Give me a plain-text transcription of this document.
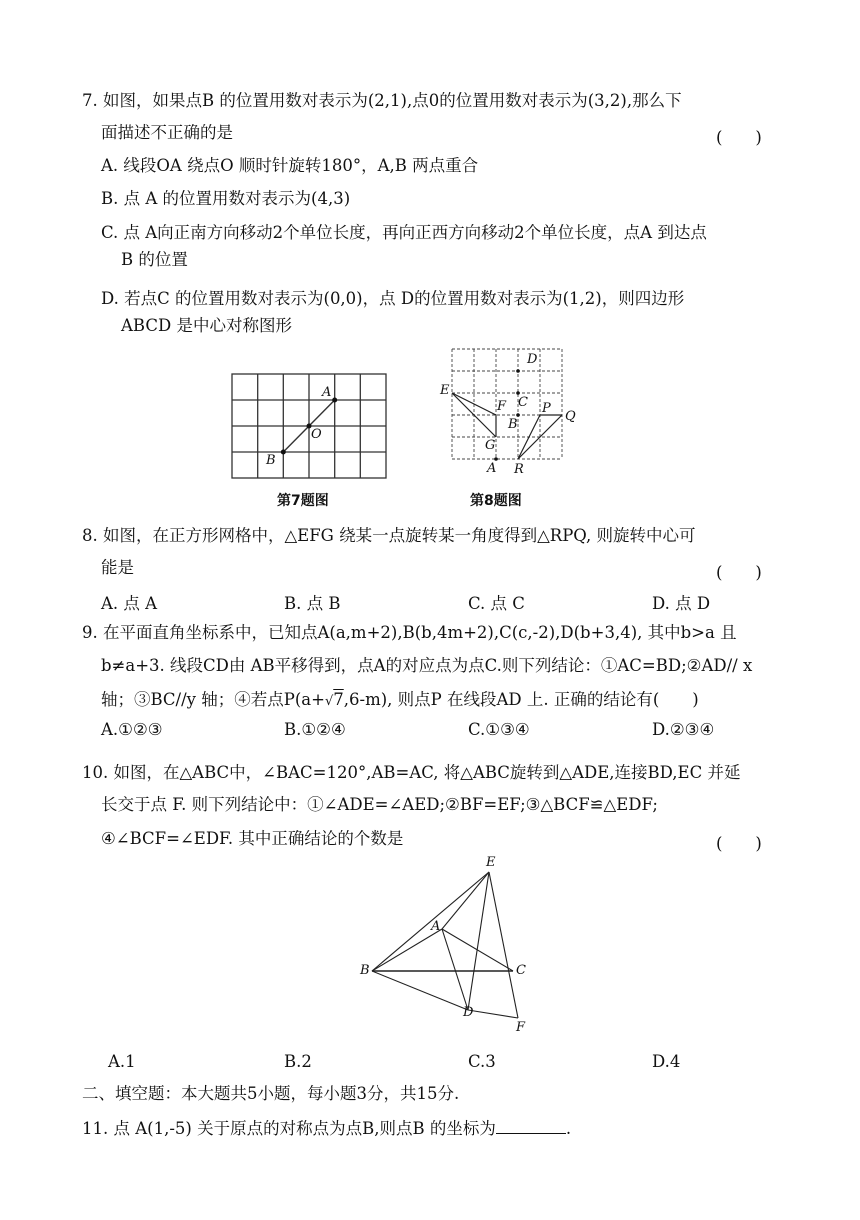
7. 如图，如果点B 的位置用数对表示为(2,1),点0的位置用数对表示为(3,2),那么下
面描述不正确的是	(　　)
A. 线段OA 绕点O 顺时针旋转180°，A,B 两点重合
B. 点 A 的位置用数对表示为(4,3)
C. 点 A向正南方向移动2个单位长度，再向正西方向移动2个单位长度，点A 到达点
B 的位置
D. 若点C 的位置用数对表示为(0,0)，点 D的位置用数对表示为(1,2)，则四边形
ABCD 是中心对称图形
A
O
B
第7题图
D
E
F C
B
G
P
Q
A R
第8题图
8. 如图，在正方形网格中，△EFG 绕某一点旋转某一角度得到△RPQ, 则旋转中心可
能是	(　　)
A. 点 A	B. 点 B	C. 点 C	D. 点 D
9. 在平面直角坐标系中，已知点A(a,m+2),B(b,4m+2),C(c,-2),D(b+3,4), 其中b>a 且
b≠a+3. 线段CD由 AB平移得到，点A的对应点为点C.则下列结论：①AC=BD;②AD// x
轴；③BC//y 轴；④若点P(a+√7,6-m), 则点P 在线段AD 上. 正确的结论有(　　)
A.①②③	B.①②④	C.①③④	D.②③④
10. 如图，在△ABC中，∠BAC=120°,AB=AC, 将△ABC旋转到△ADE,连接BD,EC 并延
长交于点 F. 则下列结论中：①∠ADE=∠AED;②BF=EF;③△BCF≌△EDF;
④∠BCF=∠EDF. 其中正确结论的个数是	(　　)
E
A
B	C
D
F
A.1	B.2	C.3	D.4
二、填空题：本大题共5小题，每小题3分，共15分.
11. 点 A(1,-5) 关于原点的对称点为点B,则点B 的坐标为	.
